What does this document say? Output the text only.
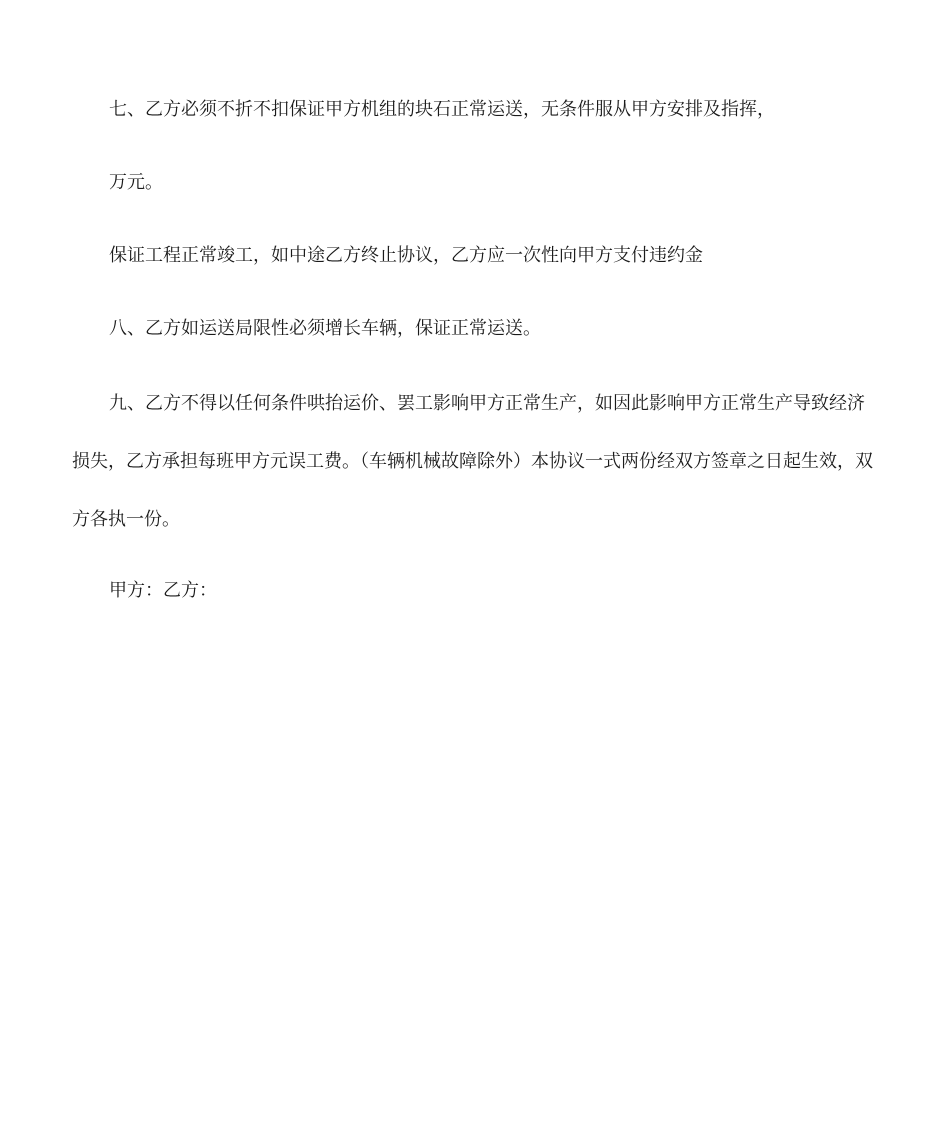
七、乙方必须不折不扣保证甲方机组的块石正常运送，无条件服从甲方安排及指挥，

万元。

保证工程正常竣工，如中途乙方终止协议，乙方应一次性向甲方支付违约金

八、乙方如运送局限性必须增长车辆，保证正常运送。

九、乙方不得以任何条件哄抬运价、罢工影响甲方正常生产，如因此影响甲方正常生产导致经济损失，乙方承担每班甲方元误工费。（车辆机械故障除外）本协议一式两份经双方签章之日起生效，双方各执一份。

甲方：乙方：
